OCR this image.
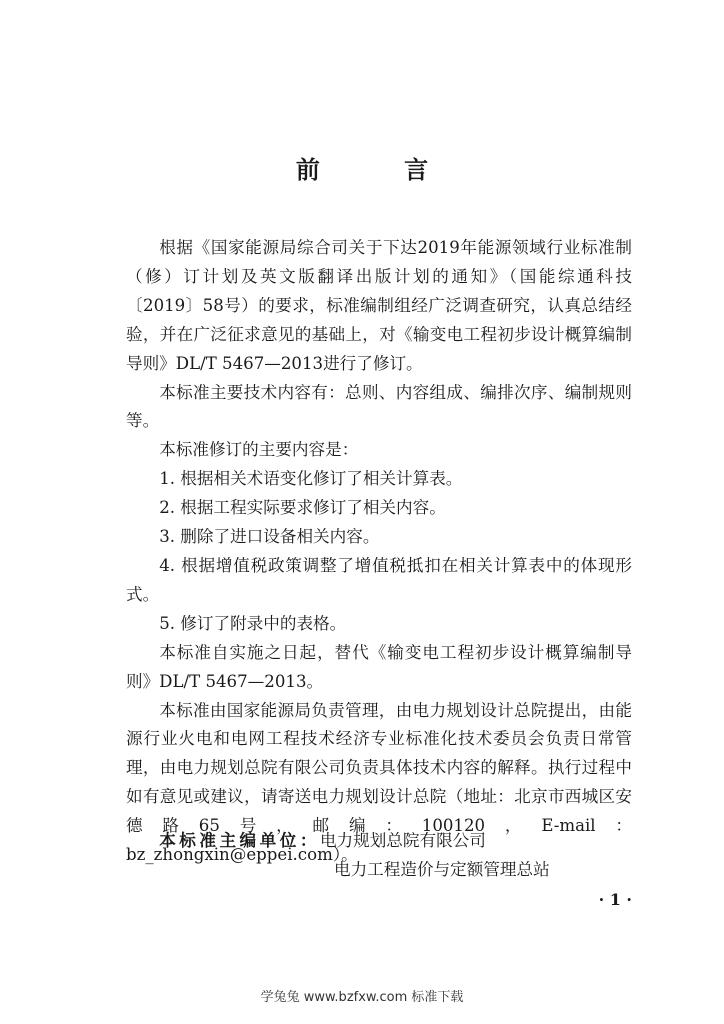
前 言

根据《国家能源局综合司关于下达2019年能源领域行业标准制（修）订计划及英文版翻译出版计划的通知》（国能综通科技〔2019〕58号）的要求，标准编制组经广泛调查研究，认真总结经验，并在广泛征求意见的基础上，对《输变电工程初步设计概算编制导则》DL/T 5467—2013进行了修订。

本标准主要技术内容有：总则、内容组成、编排次序、编制规则等。

本标准修订的主要内容是：

1. 根据相关术语变化修订了相关计算表。

2. 根据工程实际要求修订了相关内容。

3. 删除了进口设备相关内容。

4. 根据增值税政策调整了增值税抵扣在相关计算表中的体现形式。

5. 修订了附录中的表格。

本标准自实施之日起，替代《输变电工程初步设计概算编制导则》DL/T 5467—2013。

本标准由国家能源局负责管理，由电力规划设计总院提出，由能源行业火电和电网工程技术经济专业标准化技术委员会负责日常管理，由电力规划总院有限公司负责具体技术内容的解释。执行过程中如有意见或建议，请寄送电力规划设计总院（地址：北京市西城区安德路65号，邮编：100120，E-mail：bz_zhongxin@eppei.com）。

本标准主编单位：电力规划总院有限公司
电力工程造价与定额管理总站
· 1 ·
学兔兔 www.bzfxw.com 标准下载
